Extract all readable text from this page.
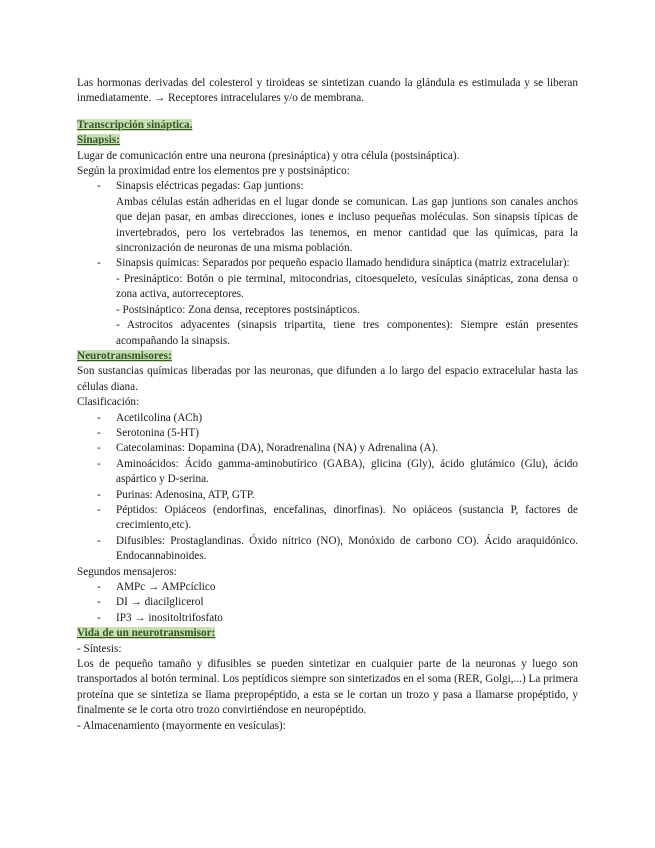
Las hormonas derivadas del colesterol y tiroideas se sintetizan cuando la glándula es estimulada y se liberan inmediatamente. → Receptores intracelulares y/o de membrana.

Transcripción sináptica.

Sinapsis:

Lugar de comunicación entre una neurona (presináptica) y otra célula (postsináptica).

Según la proximidad entre los elementos pre y postsináptico:

- Sinapsis eléctricas pegadas: Gap juntions:

Ambas células están adheridas en el lugar donde se comunican. Las gap juntions son canales anchos que dejan pasar, en ambas direcciones, iones e incluso pequeñas moléculas. Son sinapsis típicas de invertebrados, pero los vertebrados las tenemos, en menor cantidad que las químicas, para la sincronización de neuronas de una misma población.

- Sinapsis químicas: Separados por pequeño espacio llamado hendidura sináptica (matriz extracelular):

- Presináptico: Botón o pie terminal, mitocondrias, citoesqueleto, vesículas sinápticas, zona densa o zona activa, autorreceptores.

- Postsináptico: Zona densa, receptores postsinápticos.

- Astrocitos adyacentes (sinapsis tripartita, tiene tres componentes): Siempre están presentes acompañando la sinapsis.

Neurotransmisores:

Son sustancias químicas liberadas por las neuronas, que difunden a lo largo del espacio extracelular hasta las células diana.

Clasificación:

- Acetilcolina (ACh)
- Serotonina (5-HT)
- Catecolaminas: Dopamina (DA), Noradrenalina (NA) y Adrenalina (A).
- Aminoácidos: Ácido gamma-aminobutírico (GABA), glicina (Gly), ácido glutámico (Glu), ácido aspártico y D-serina.
- Purinas: Adenosina, ATP, GTP.
- Péptidos: Opiáceos (endorfinas, encefalinas, dinorfinas). No opiáceos (sustancia P, factores de crecimiento,etc).
- Difusibles: Prostaglandinas. Óxido nítrico (NO), Monóxido de carbono CO). Ácido araquidónico. Endocannabinoides.

Segundos mensajeros:

- AMPc → AMPcíclico
- DI → diacilglicerol
- IP3 → inositoltrifosfato

Vida de un neurotransmisor:

- Síntesis:

Los de pequeño tamaño y difusibles se pueden sintetizar en cualquier parte de la neuronas y luego son transportados al botón terminal. Los peptídicos siempre son sintetizados en el soma (RER, Golgi,...) La primera proteína que se sintetiza se llama prepropéptido, a esta se le cortan un trozo y pasa a llamarse propéptido, y finalmente se le corta otro trozo convirtiéndose en neuropéptido.

- Almacenamiento (mayormente en vesículas):
